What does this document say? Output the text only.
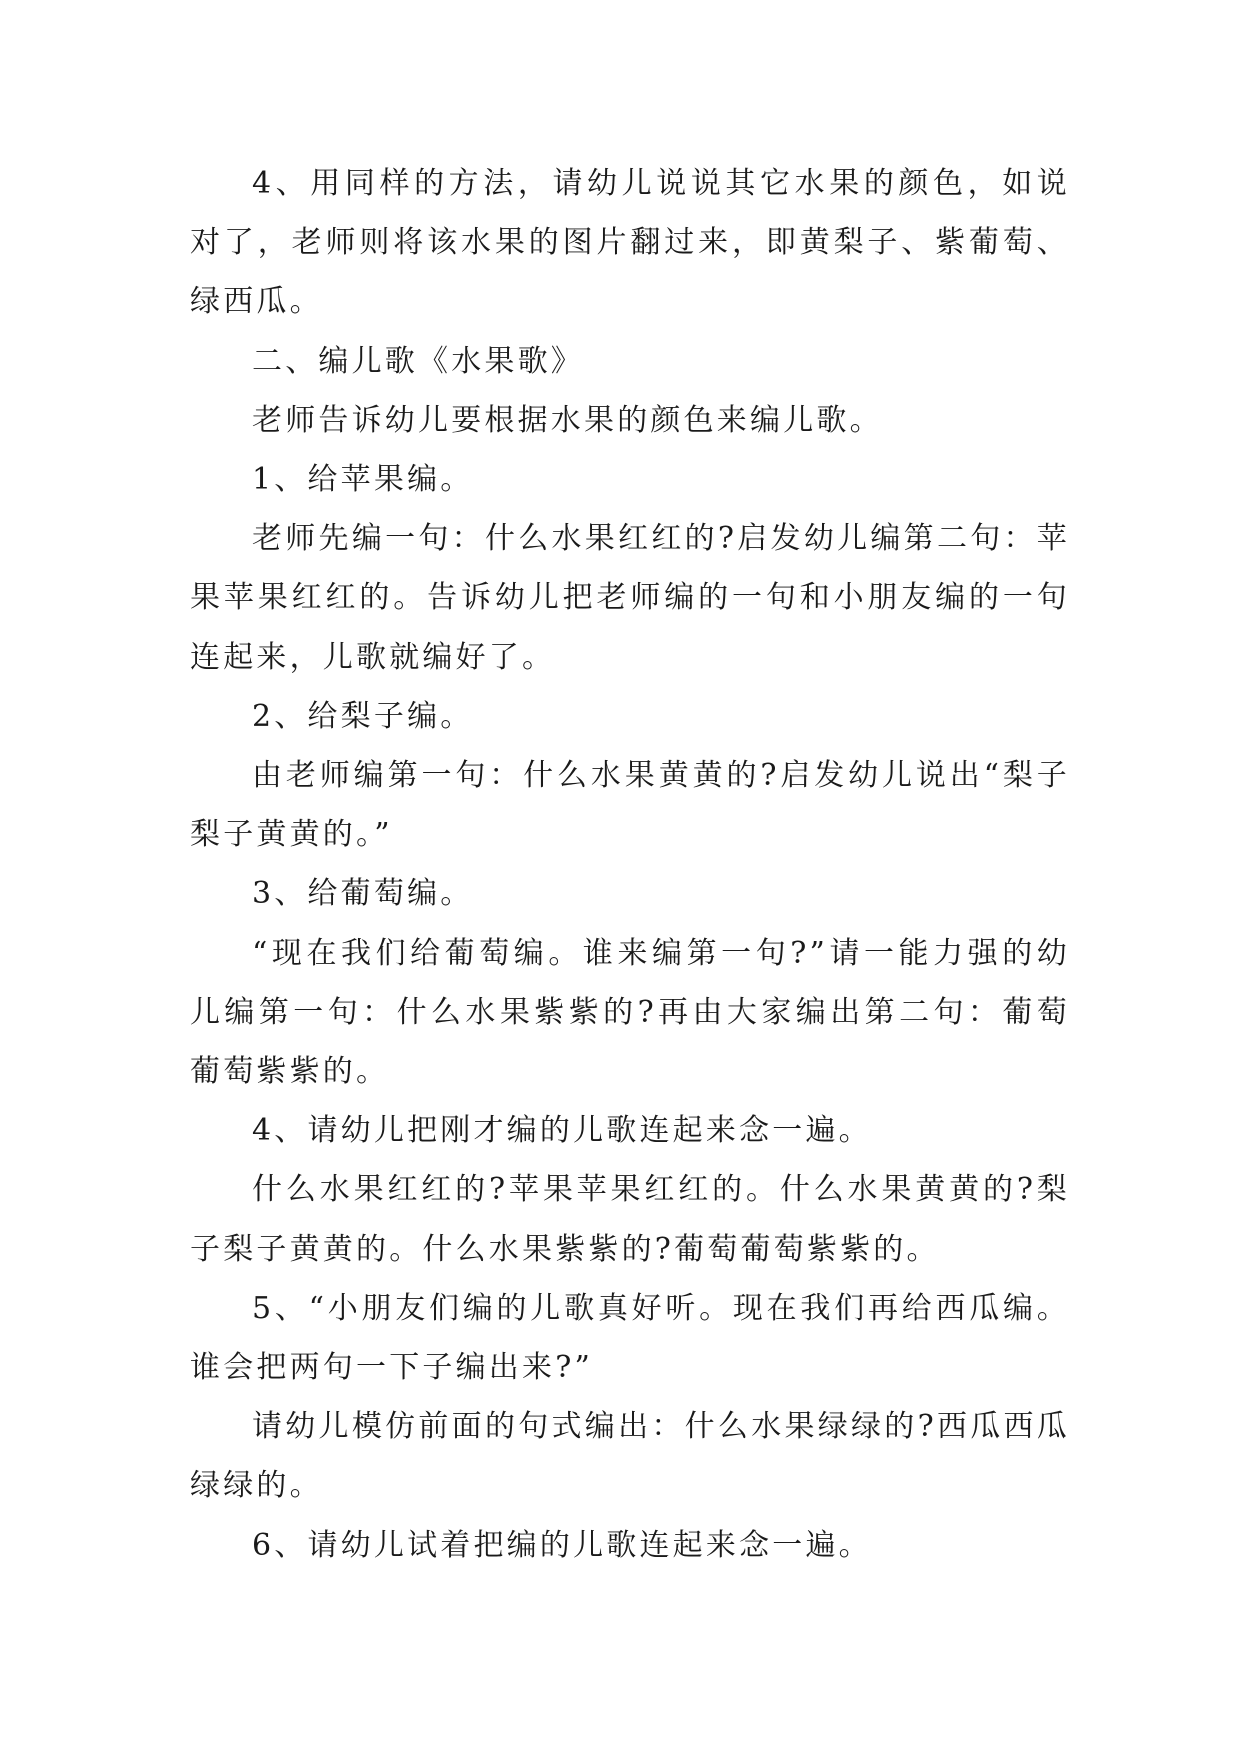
4、用同样的方法，请幼儿说说其它水果的颜色，如说对了，老师则将该水果的图片翻过来，即黄梨子、紫葡萄、绿西瓜。

二、编儿歌《水果歌》

老师告诉幼儿要根据水果的颜色来编儿歌。

1、给苹果编。

老师先编一句：什么水果红红的?启发幼儿编第二句：苹果苹果红红的。告诉幼儿把老师编的一句和小朋友编的一句连起来，儿歌就编好了。

2、给梨子编。

由老师编第一句：什么水果黄黄的?启发幼儿说出“梨子梨子黄黄的。”

3、给葡萄编。

“现在我们给葡萄编。谁来编第一句?”请一能力强的幼儿编第一句：什么水果紫紫的?再由大家编出第二句：葡萄葡萄紫紫的。

4、请幼儿把刚才编的儿歌连起来念一遍。

什么水果红红的?苹果苹果红红的。什么水果黄黄的?梨子梨子黄黄的。什么水果紫紫的?葡萄葡萄紫紫的。

5、“小朋友们编的儿歌真好听。现在我们再给西瓜编。谁会把两句一下子编出来?”

请幼儿模仿前面的句式编出：什么水果绿绿的?西瓜西瓜绿绿的。

6、请幼儿试着把编的儿歌连起来念一遍。
